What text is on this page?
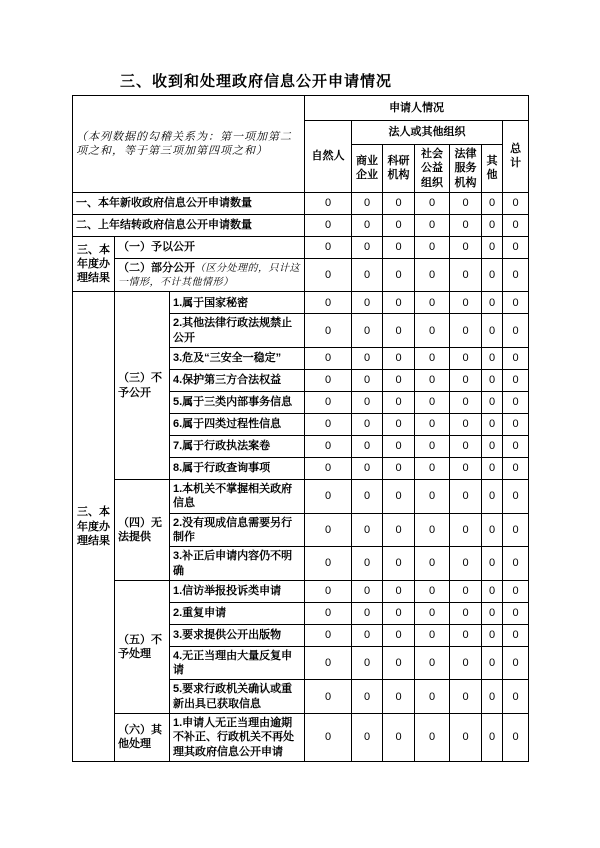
三、收到和处理政府信息公开申请情况
（本列数据的勾稽关系为：第一项加第二项之和，等于第三项加第四项之和）			申请人情况						
			自然人	法人或其他组织					总计
				商业企业	科研机构	社会公益组织	法律服务机构	其他	
一、本年新收政府信息公开申请数量			0	0	0	0	0	0	0
二、上年结转政府信息公开申请数量			0	0	0	0	0	0	0
三、本年度办理结果	（一）予以公开		0	0	0	0	0	0	0
	（二）部分公开（区分处理的，只计这一情形，不计其他情形）		0	0	0	0	0	0	0
三、本年度办理结果	（三）不予公开	1.属于国家秘密	0	0	0	0	0	0	0
		2.其他法律行政法规禁止公开	0	0	0	0	0	0	0
		3.危及“三安全一稳定”	0	0	0	0	0	0	0
		4.保护第三方合法权益	0	0	0	0	0	0	0
		5.属于三类内部事务信息	0	0	0	0	0	0	0
		6.属于四类过程性信息	0	0	0	0	0	0	0
		7.属于行政执法案卷	0	0	0	0	0	0	0
		8.属于行政查询事项	0	0	0	0	0	0	0
	（四）无法提供	1.本机关不掌握相关政府信息	0	0	0	0	0	0	0
		2.没有现成信息需要另行制作	0	0	0	0	0	0	0
		3.补正后申请内容仍不明确	0	0	0	0	0	0	0
	（五）不予处理	1.信访举报投诉类申请	0	0	0	0	0	0	0
		2.重复申请	0	0	0	0	0	0	0
		3.要求提供公开出版物	0	0	0	0	0	0	0
		4.无正当理由大量反复申请	0	0	0	0	0	0	0
		5.要求行政机关确认或重新出具已获取信息	0	0	0	0	0	0	0
	（六）其他处理	1.申请人无正当理由逾期不补正、行政机关不再处理其政府信息公开申请	0	0	0	0	0	0	0
